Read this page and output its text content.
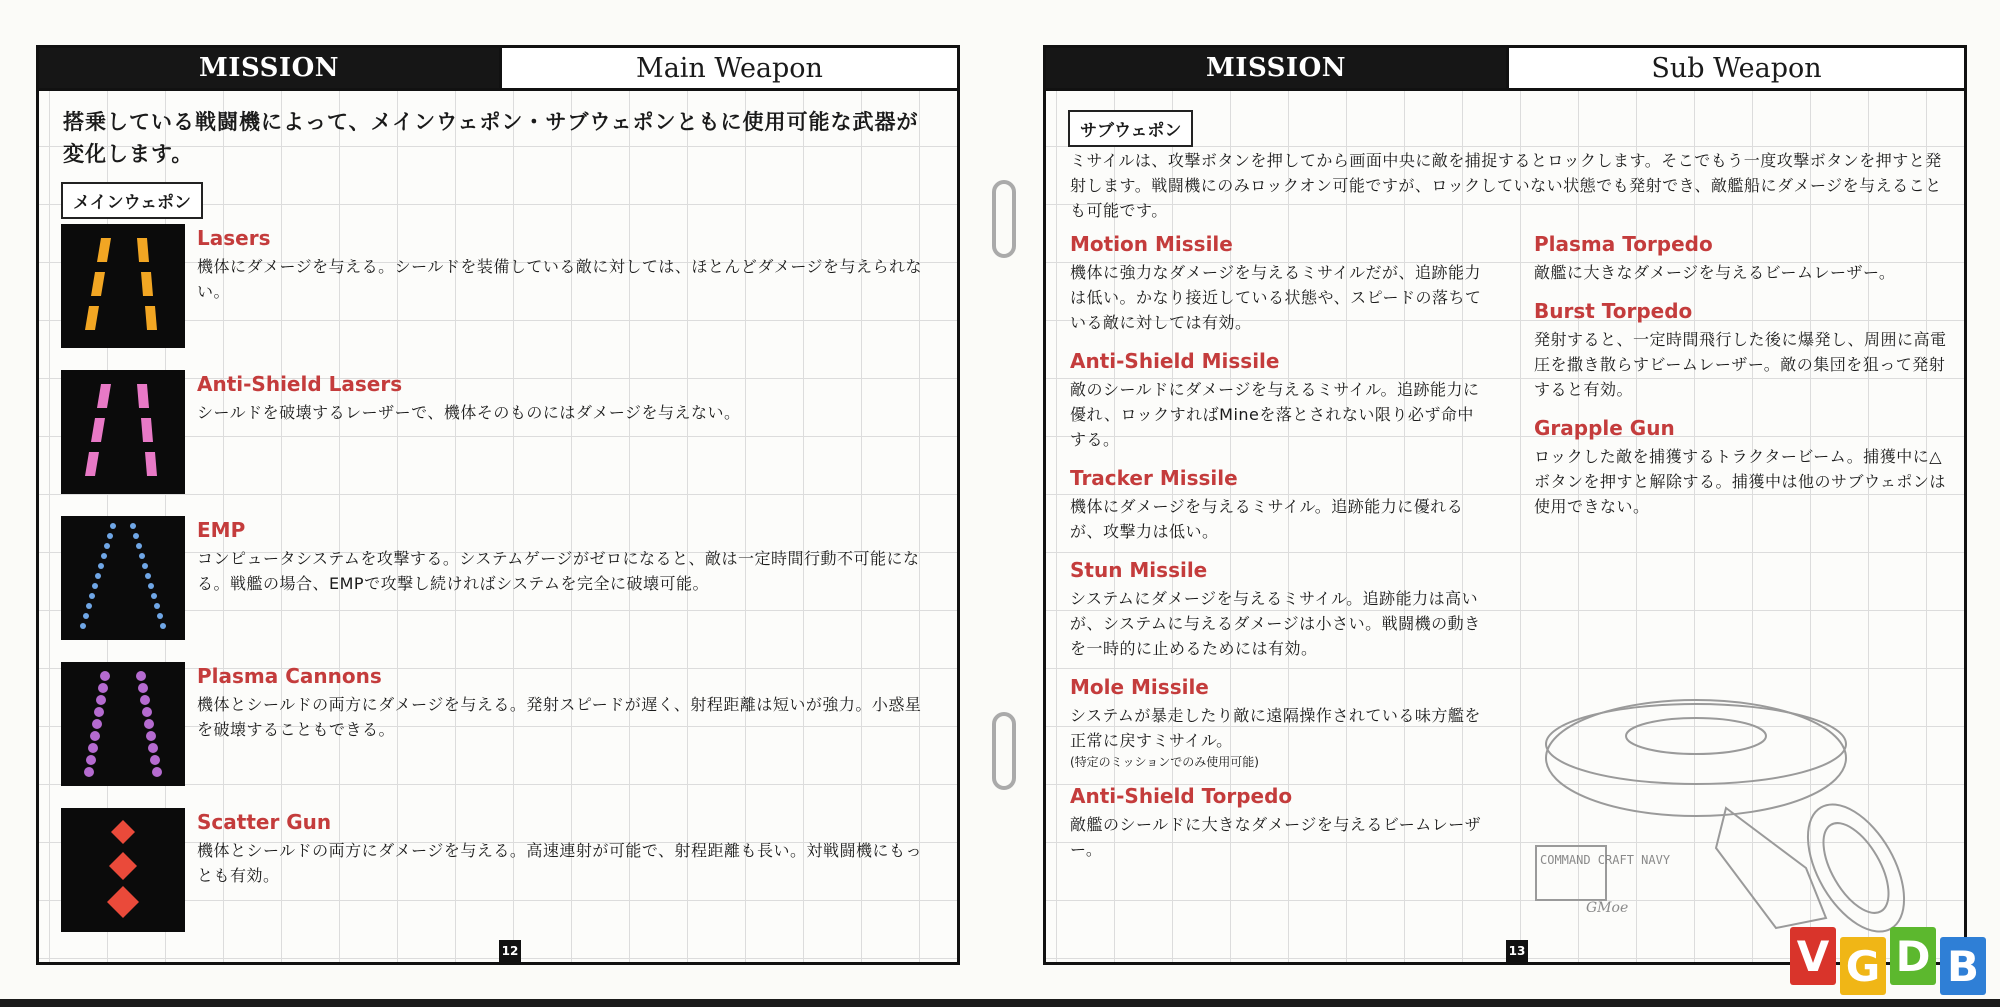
MISSION	Main Weapon
搭乗している戦闘機によって、メインウェポン・サブウェポンともに使用可能な武器が変化します。
メインウェポン
Lasers
機体にダメージを与える。シールドを装備している敵に対しては、ほとんどダメージを与えられない。
Anti-Shield Lasers
シールドを破壊するレーザーで、機体そのものにはダメージを与えない。
EMP
コンピュータシステムを攻撃する。システムゲージがゼロになると、敵は一定時間行動不可能になる。戦艦の場合、EMPで攻撃し続ければシステムを完全に破壊可能。
Plasma Cannons
機体とシールドの両方にダメージを与える。発射スピードが遅く、射程距離は短いが強力。小惑星を破壊することもできる。
Scatter Gun
機体とシールドの両方にダメージを与える。高速連射が可能で、射程距離も長い。対戦闘機にもっとも有効。
12
MISSION	Sub Weapon
サブウェポン
ミサイルは、攻撃ボタンを押してから画面中央に敵を捕捉するとロックします。そこでもう一度攻撃ボタンを押すと発射します。戦闘機にのみロックオン可能ですが、ロックしていない状態でも発射でき、敵艦船にダメージを与えることも可能です。
Motion Missile
機体に強力なダメージを与えるミサイルだが、追跡能力は低い。かなり接近している状態や、スピードの落ちている敵に対しては有効。
Anti-Shield Missile
敵のシールドにダメージを与えるミサイル。追跡能力に優れ、ロックすればMineを落とされない限り必ず命中する。
Tracker Missile
機体にダメージを与えるミサイル。追跡能力に優れるが、攻撃力は低い。
Stun Missile
システムにダメージを与えるミサイル。追跡能力は高いが、システムに与えるダメージは小さい。戦闘機の動きを一時的に止めるためには有効。
Mole Missile
システムが暴走したり敵に遠隔操作されている味方艦を正常に戻すミサイル。
(特定のミッションでのみ使用可能)
Anti-Shield Torpedo
敵艦のシールドに大きなダメージを与えるビームレーザー。
Plasma Torpedo
敵艦に大きなダメージを与えるビームレーザー。
Burst Torpedo
発射すると、一定時間飛行した後に爆発し、周囲に高電圧を撒き散らすビームレーザー。敵の集団を狙って発射すると有効。
Grapple Gun
ロックした敵を捕獲するトラクタービーム。捕獲中に△ボタンを押すと解除する。捕獲中は他のサブウェポンは使用できない。
COMMAND CRAFT NAVY
GMoe
13	V G D B
